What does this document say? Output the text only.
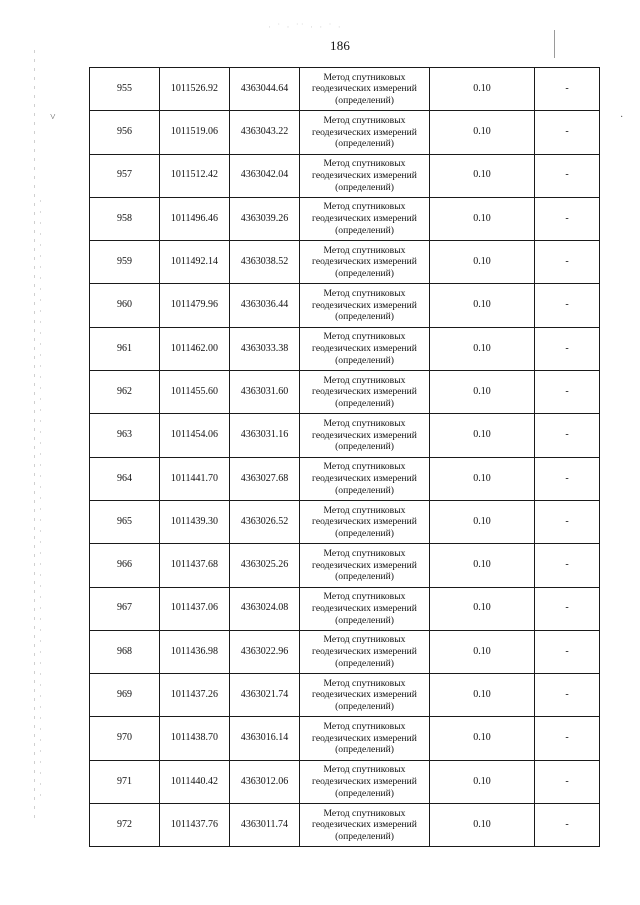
· ˙ · ˙˙ · · ˙ ·
186
˅	·
955	1011526.92	4363044.64	Метод спутниковых
геодезических измерений
(определений)	0.10	-
956	1011519.06	4363043.22	Метод спутниковых
геодезических измерений
(определений)	0.10	-
957	1011512.42	4363042.04	Метод спутниковых
геодезических измерений
(определений)	0.10	-
958	1011496.46	4363039.26	Метод спутниковых
геодезических измерений
(определений)	0.10	-
959	1011492.14	4363038.52	Метод спутниковых
геодезических измерений
(определений)	0.10	-
960	1011479.96	4363036.44	Метод спутниковых
геодезических измерений
(определений)	0.10	-
961	1011462.00	4363033.38	Метод спутниковых
геодезических измерений
(определений)	0.10	-
962	1011455.60	4363031.60	Метод спутниковых
геодезических измерений
(определений)	0.10	-
963	1011454.06	4363031.16	Метод спутниковых
геодезических измерений
(определений)	0.10	-
964	1011441.70	4363027.68	Метод спутниковых
геодезических измерений
(определений)	0.10	-
965	1011439.30	4363026.52	Метод спутниковых
геодезических измерений
(определений)	0.10	-
966	1011437.68	4363025.26	Метод спутниковых
геодезических измерений
(определений)	0.10	-
967	1011437.06	4363024.08	Метод спутниковых
геодезических измерений
(определений)	0.10	-
968	1011436.98	4363022.96	Метод спутниковых
геодезических измерений
(определений)	0.10	-
969	1011437.26	4363021.74	Метод спутниковых
геодезических измерений
(определений)	0.10	-
970	1011438.70	4363016.14	Метод спутниковых
геодезических измерений
(определений)	0.10	-
971	1011440.42	4363012.06	Метод спутниковых
геодезических измерений
(определений)	0.10	-
972	1011437.76	4363011.74	Метод спутниковых
геодезических измерений
(определений)	0.10	-
